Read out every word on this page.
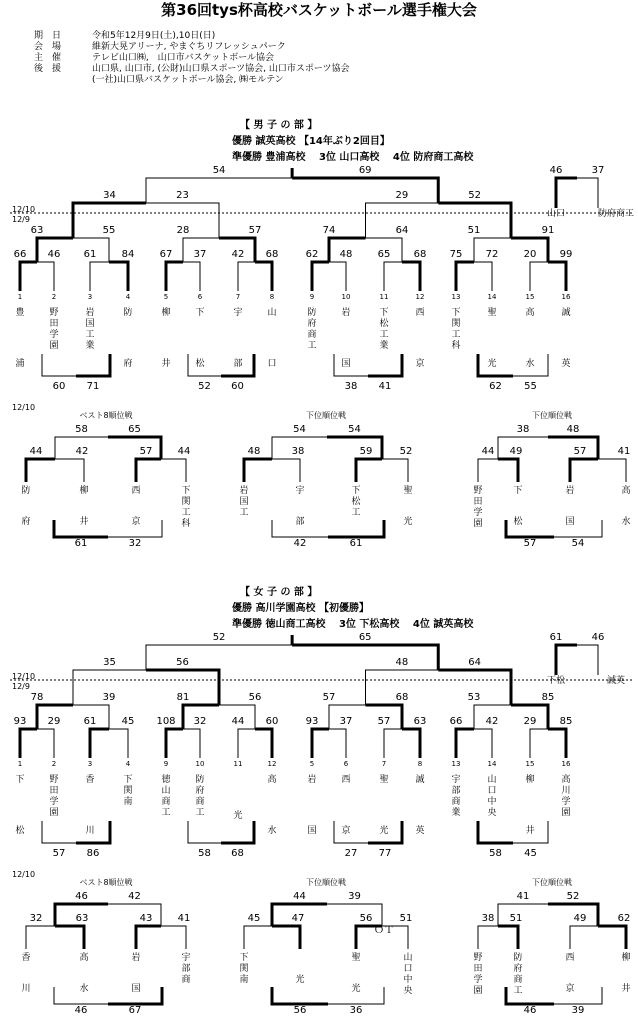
第36回tys杯高校バスケットボール選手権大会
期　日	令和5年12月9日(土),10日(日)
会　場	維新大晃アリーナ, やまぐちリフレッシュパーク
主　催	テレビ山口㈱,　山口市バスケットボール協会
後　援	山口県, 山口市, (公財)山口県スポーツ協会, 山口市スポーツ協会
(一社)山口県バスケットボール協会, ㈱モルテン
【 男 子 の 部 】
優勝 誠英高校 【14年ぶり2回目】
準優勝 豊浦高校　 3位 山口高校　 4位 防府商工高校
12/10
12/9
1
豊
浦
2
野田学園
3
岩国工業
4
防
府
5
柳
井
6
下
松
7
宇
部
8
山
口
9
防府商工
10
岩
国
11
下松工業
12
西
京
13
下関工科
14
聖
光
15
高
水
16
誠
英
66	46	61	84	67	37	42	68	62	48	65	68	75	72	20	99
63	55	28	57	74	64	51	91
34	23	29	52
54	69	46	37
山口	防府商工
60	71	52	60	38	41	62	55
12/10
ベスト8順位戦
44	42	57	44
58	65
防
府
柳
井
西
京
下関工科
61	32
下位順位戦
48	38	59	52
54	54
岩国工
宇
部
下松工
聖
光
42	61
下位順位戦
44	49	57	41
38	48
野田学園
下
松
岩
国
高
水
57	54
【 女 子 の 部 】
優勝 高川学園高校 【初優勝】
準優勝 徳山商工高校　 3位 下松高校　 4位 誠英高校
12/10
12/9
1
下
松
2
野田学園
3
香
川
4
下関南
9
徳山商工
10
防府商工
11
光
12
高
水
5
岩
国
6
西
京
7
聖
光
8
誠
英
13
宇部商業
14
山口中央
15
柳
井
16
高川学園
93	29	61	45	108	32	44	60	93	37	57	63	66	42	29	85
78	39	81	56	57	68	53	85
35	56	48	64
52	65	61	46
下松	誠英
57	86	58	68	27	77	58	45
12/10
ベスト8順位戦
32	63	43	41
46	42
香
川
高
水
岩
国
宇部商
46	67
下位順位戦
45	47	56	51
44	39
下関南	光
聖
光
山口中央
56	36
ＯＴ
下位順位戦
38	51	49	62
41	52
野田学園
防府商工
西
京
柳
井
46	39
